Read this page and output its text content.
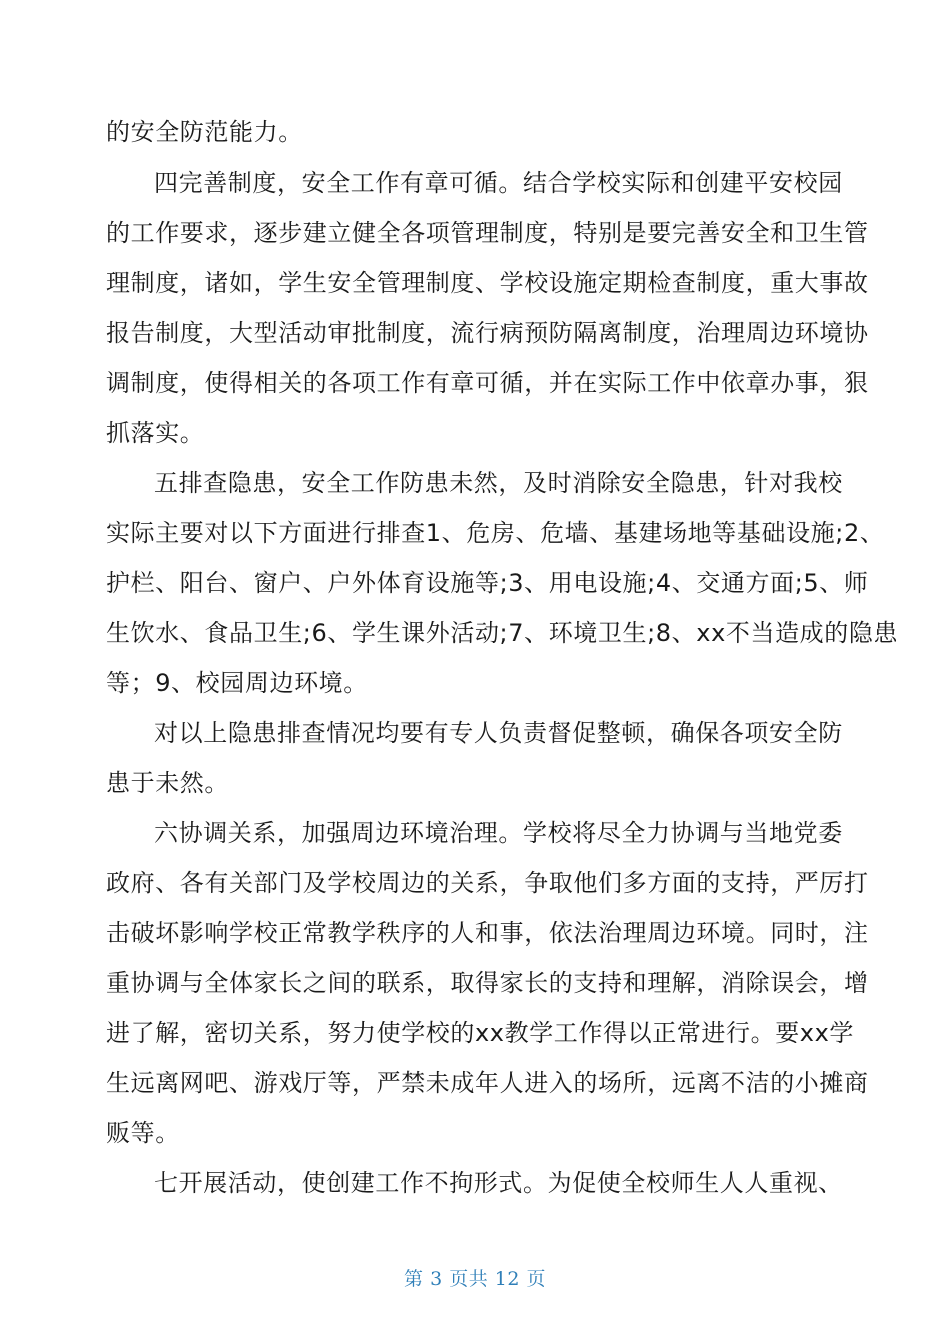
的安全防范能力。
四完善制度，安全工作有章可循。结合学校实际和创建平安校园
的工作要求，逐步建立健全各项管理制度，特别是要完善安全和卫生管
理制度，诸如，学生安全管理制度、学校设施定期检查制度，重大事故
报告制度，大型活动审批制度，流行病预防隔离制度，治理周边环境协
调制度，使得相关的各项工作有章可循，并在实际工作中依章办事，狠
抓落实。
五排查隐患，安全工作防患未然，及时消除安全隐患，针对我校
实际主要对以下方面进行排查1、危房、危墙、基建场地等基础设施;2、
护栏、阳台、窗户、户外体育设施等;3、用电设施;4、交通方面;5、师
生饮水、食品卫生;6、学生课外活动;7、环境卫生;8、xx不当造成的隐患
等；9、校园周边环境。
对以上隐患排查情况均要有专人负责督促整顿，确保各项安全防
患于未然。
六协调关系，加强周边环境治理。学校将尽全力协调与当地党委
政府、各有关部门及学校周边的关系，争取他们多方面的支持，严厉打
击破坏影响学校正常教学秩序的人和事，依法治理周边环境。同时，注
重协调与全体家长之间的联系，取得家长的支持和理解，消除误会，增
进了解，密切关系，努力使学校的xx教学工作得以正常进行。要xx学
生远离网吧、游戏厅等，严禁未成年人进入的场所，远离不洁的小摊商
贩等。
七开展活动，使创建工作不拘形式。为促使全校师生人人重视、
第 3 页共 12 页
